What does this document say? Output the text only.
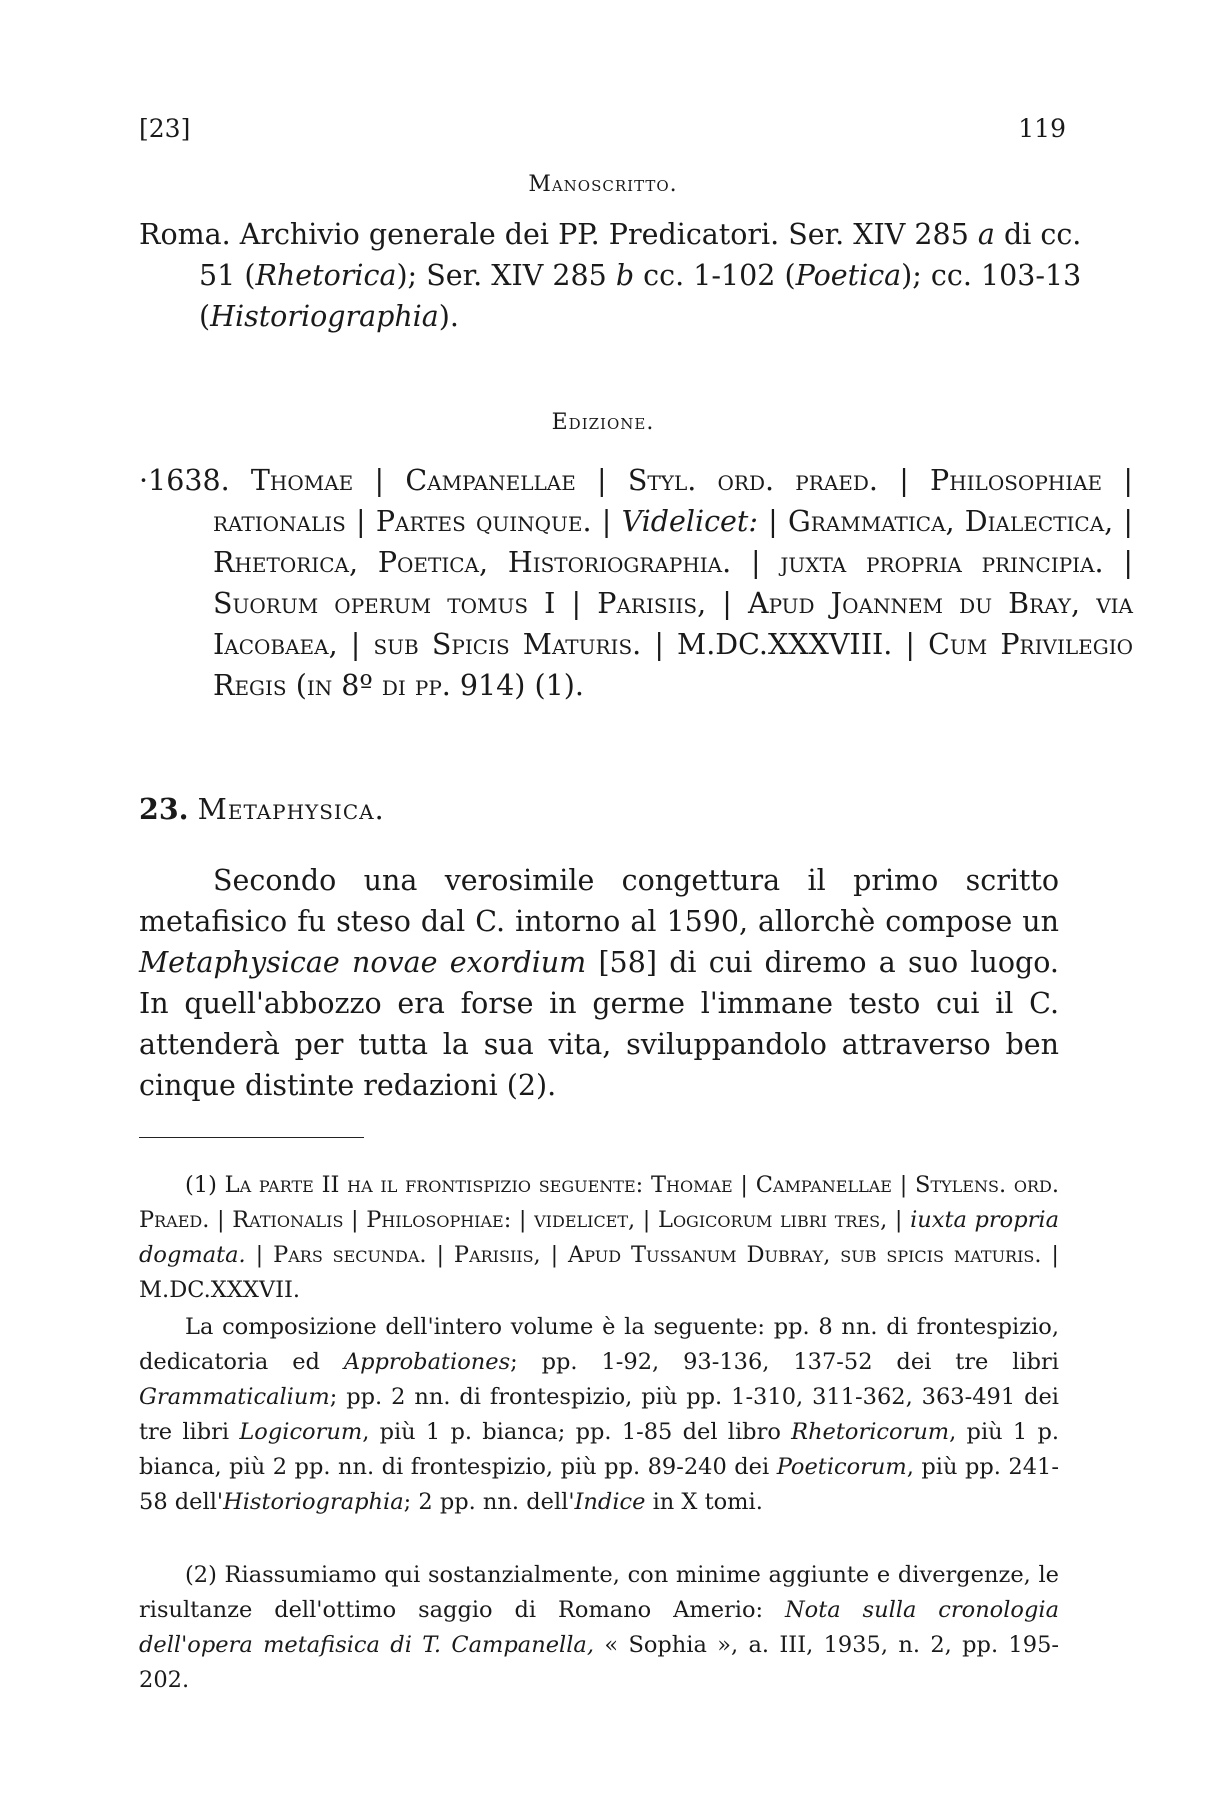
[23]	119
Manoscritto.
Roma. Archivio generale dei PP. Predicatori. Ser. XIV 285 a di cc. 51 (Rhetorica); Ser. XIV 285 b cc. 1-102 (Poetica); cc. 103-13 (Historiographia).
Edizione.
·1638. Thomae | Campanellae | Styl. ord. praed. | Philosophiae | rationalis | Partes quinque. | Videlicet: | Grammatica, Dialectica, | Rhetorica, Poetica, Historiographia. | juxta propria principia. | Suorum operum tomus I | Parisiis, | Apud Joannem du Bray, via Iacobaea, | sub Spicis Maturis. | M.DC.XXXVIII. | Cum Privilegio Regis (in 8º di pp. 914) (1).
23. Metaphysica.
Secondo una verosimile congettura il primo scritto metafisico fu steso dal C. intorno al 1590, allorchè compose un Metaphysicae novae exordium [58] di cui diremo a suo luogo. In quell'abbozzo era forse in germe l'immane testo cui il C. attenderà per tutta la sua vita, sviluppandolo attraverso ben cinque distinte redazioni (2).
(1) La parte II ha il frontispizio seguente: Thomae | Campanellae | Stylens. ord. Praed. | Rationalis | Philosophiae: | videlicet, | Logicorum libri tres, | iuxta propria dogmata. | Pars secunda. | Parisiis, | Apud Tussanum Dubray, sub spicis maturis. | M.DC.XXXVII.
La composizione dell'intero volume è la seguente: pp. 8 nn. di frontespizio, dedicatoria ed Approbationes; pp. 1-92, 93-136, 137-52 dei tre libri Grammaticalium; pp. 2 nn. di frontespizio, più pp. 1-310, 311-362, 363-491 dei tre libri Logicorum, più 1 p. bianca; pp. 1-85 del libro Rhetoricorum, più 1 p. bianca, più 2 pp. nn. di frontespizio, più pp. 89-240 dei Poeticorum, più pp. 241-58 dell'Historiographia; 2 pp. nn. dell'Indice in X tomi.
(2) Riassumiamo qui sostanzialmente, con minime aggiunte e divergenze, le risultanze dell'ottimo saggio di Romano Amerio: Nota sulla cronologia dell'opera metafisica di T. Campanella, « Sophia », a. III, 1935, n. 2, pp. 195-202.
